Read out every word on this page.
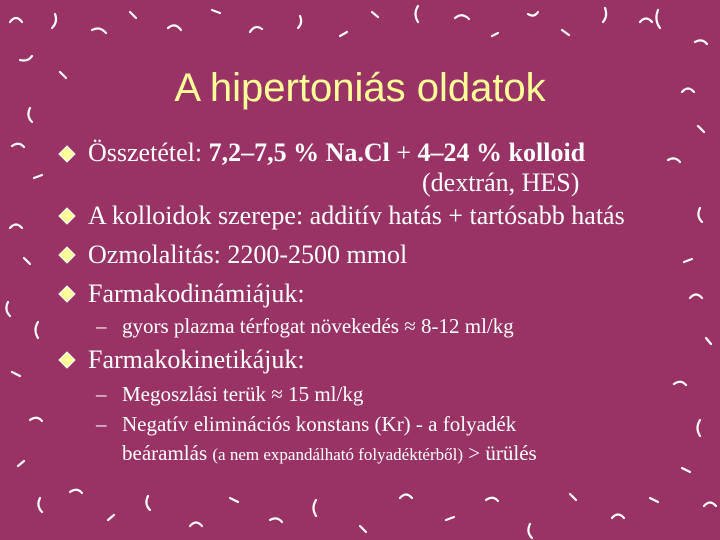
A hipertoniás oldatok
Összetétel: 7,2–7,5 % Na.Cl + 4–24 % kolloid
(dextrán, HES)
A kolloidok szerepe: additív hatás + tartósabb hatás
Ozmolalitás: 2200-2500 mmol
Farmakodinámiájuk:
– gyors plazma térfogat növekedés ≈ 8-12 ml/kg
Farmakokinetikájuk:
– Megoszlási terük ≈ 15 ml/kg
– Negatív eliminációs konstans (Kr) - a folyadék
beáramlás (a nem expandálható folyadéktérből) > ürülés
